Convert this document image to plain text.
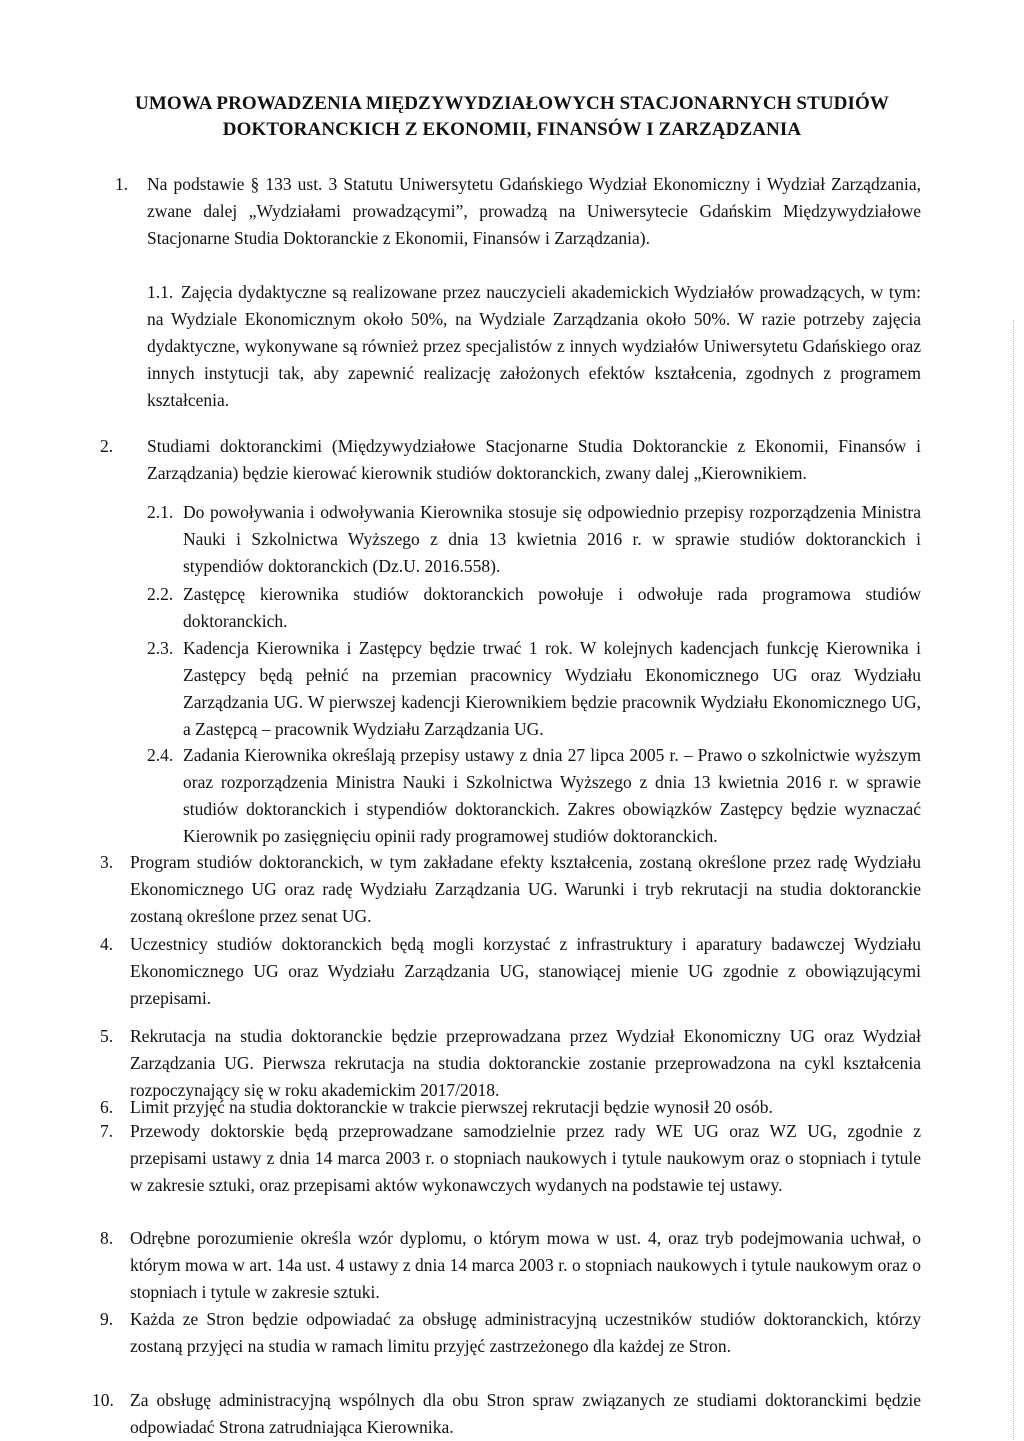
UMOWA PROWADZENIA MIĘDZYWYDZIAŁOWYCH STACJONARNYCH STUDIÓW
DOKTORANCKICH Z EKONOMII, FINANSÓW I ZARZĄDZANIA
1. Na podstawie § 133 ust. 3 Statutu Uniwersytetu Gdańskiego Wydział Ekonomiczny i Wydział Zarządzania, zwane dalej „Wydziałami prowadzącymi”, prowadzą na Uniwersytecie Gdańskim Międzywydziałowe Stacjonarne Studia Doktoranckie z Ekonomii, Finansów i Zarządzania).
1.1. Zajęcia dydaktyczne są realizowane przez nauczycieli akademickich Wydziałów prowadzących, w tym: na Wydziale Ekonomicznym około 50%, na Wydziale Zarządzania około 50%. W razie potrzeby zajęcia dydaktyczne, wykonywane są również przez specjalistów z innych wydziałów Uniwersytetu Gdańskiego oraz innych instytucji tak, aby zapewnić realizację założonych efektów kształcenia, zgodnych z programem kształcenia.
2. Studiami doktoranckimi (Międzywydziałowe Stacjonarne Studia Doktoranckie z Ekonomii, Finansów i Zarządzania) będzie kierować kierownik studiów doktoranckich, zwany dalej „Kierownikiem.
2.1. Do powoływania i odwoływania Kierownika stosuje się odpowiednio przepisy rozporządzenia Ministra Nauki i Szkolnictwa Wyższego z dnia 13 kwietnia 2016 r. w sprawie studiów doktoranckich i stypendiów doktoranckich (Dz.U. 2016.558).
2.2. Zastępcę kierownika studiów doktoranckich powołuje i odwołuje rada programowa studiów doktoranckich.
2.3. Kadencja Kierownika i Zastępcy będzie trwać 1 rok. W kolejnych kadencjach funkcję Kierownika i Zastępcy będą pełnić na przemian pracownicy Wydziału Ekonomicznego UG oraz Wydziału Zarządzania UG. W pierwszej kadencji Kierownikiem będzie pracownik Wydziału Ekonomicznego UG, a Zastępcą – pracownik Wydziału Zarządzania UG.
2.4. Zadania Kierownika określają przepisy ustawy z dnia 27 lipca 2005 r. – Prawo o szkolnictwie wyższym oraz rozporządzenia Ministra Nauki i Szkolnictwa Wyższego z dnia 13 kwietnia 2016 r. w sprawie studiów doktoranckich i stypendiów doktoranckich. Zakres obowiązków Zastępcy będzie wyznaczać Kierownik po zasięgnięciu opinii rady programowej studiów doktoranckich.
3. Program studiów doktoranckich, w tym zakładane efekty kształcenia, zostaną określone przez radę Wydziału Ekonomicznego UG oraz radę Wydziału Zarządzania UG. Warunki i tryb rekrutacji na studia doktoranckie zostaną określone przez senat UG.
4. Uczestnicy studiów doktoranckich będą mogli korzystać z infrastruktury i aparatury badawczej Wydziału Ekonomicznego UG oraz Wydziału Zarządzania UG, stanowiącej mienie UG zgodnie z obowiązującymi przepisami.
5. Rekrutacja na studia doktoranckie będzie przeprowadzana przez Wydział Ekonomiczny UG oraz Wydział Zarządzania UG. Pierwsza rekrutacja na studia doktoranckie zostanie przeprowadzona na cykl kształcenia rozpoczynający się w roku akademickim 2017/2018.
6. Limit przyjęć na studia doktoranckie w trakcie pierwszej rekrutacji będzie wynosił 20 osób.
7. Przewody doktorskie będą przeprowadzane samodzielnie przez rady WE UG oraz WZ UG, zgodnie z przepisami ustawy z dnia 14 marca 2003 r. o stopniach naukowych i tytule naukowym oraz o stopniach i tytule w zakresie sztuki, oraz przepisami aktów wykonawczych wydanych na podstawie tej ustawy.
8. Odrębne porozumienie określa wzór dyplomu, o którym mowa w ust. 4, oraz tryb podejmowania uchwał, o którym mowa w art. 14a ust. 4 ustawy z dnia 14 marca 2003 r. o stopniach naukowych i tytule naukowym oraz o stopniach i tytule w zakresie sztuki.
9. Każda ze Stron będzie odpowiadać za obsługę administracyjną uczestników studiów doktoranckich, którzy zostaną przyjęci na studia w ramach limitu przyjęć zastrzeżonego dla każdej ze Stron.
10. Za obsługę administracyjną wspólnych dla obu Stron spraw związanych ze studiami doktoranckimi będzie odpowiadać Strona zatrudniająca Kierownika.
